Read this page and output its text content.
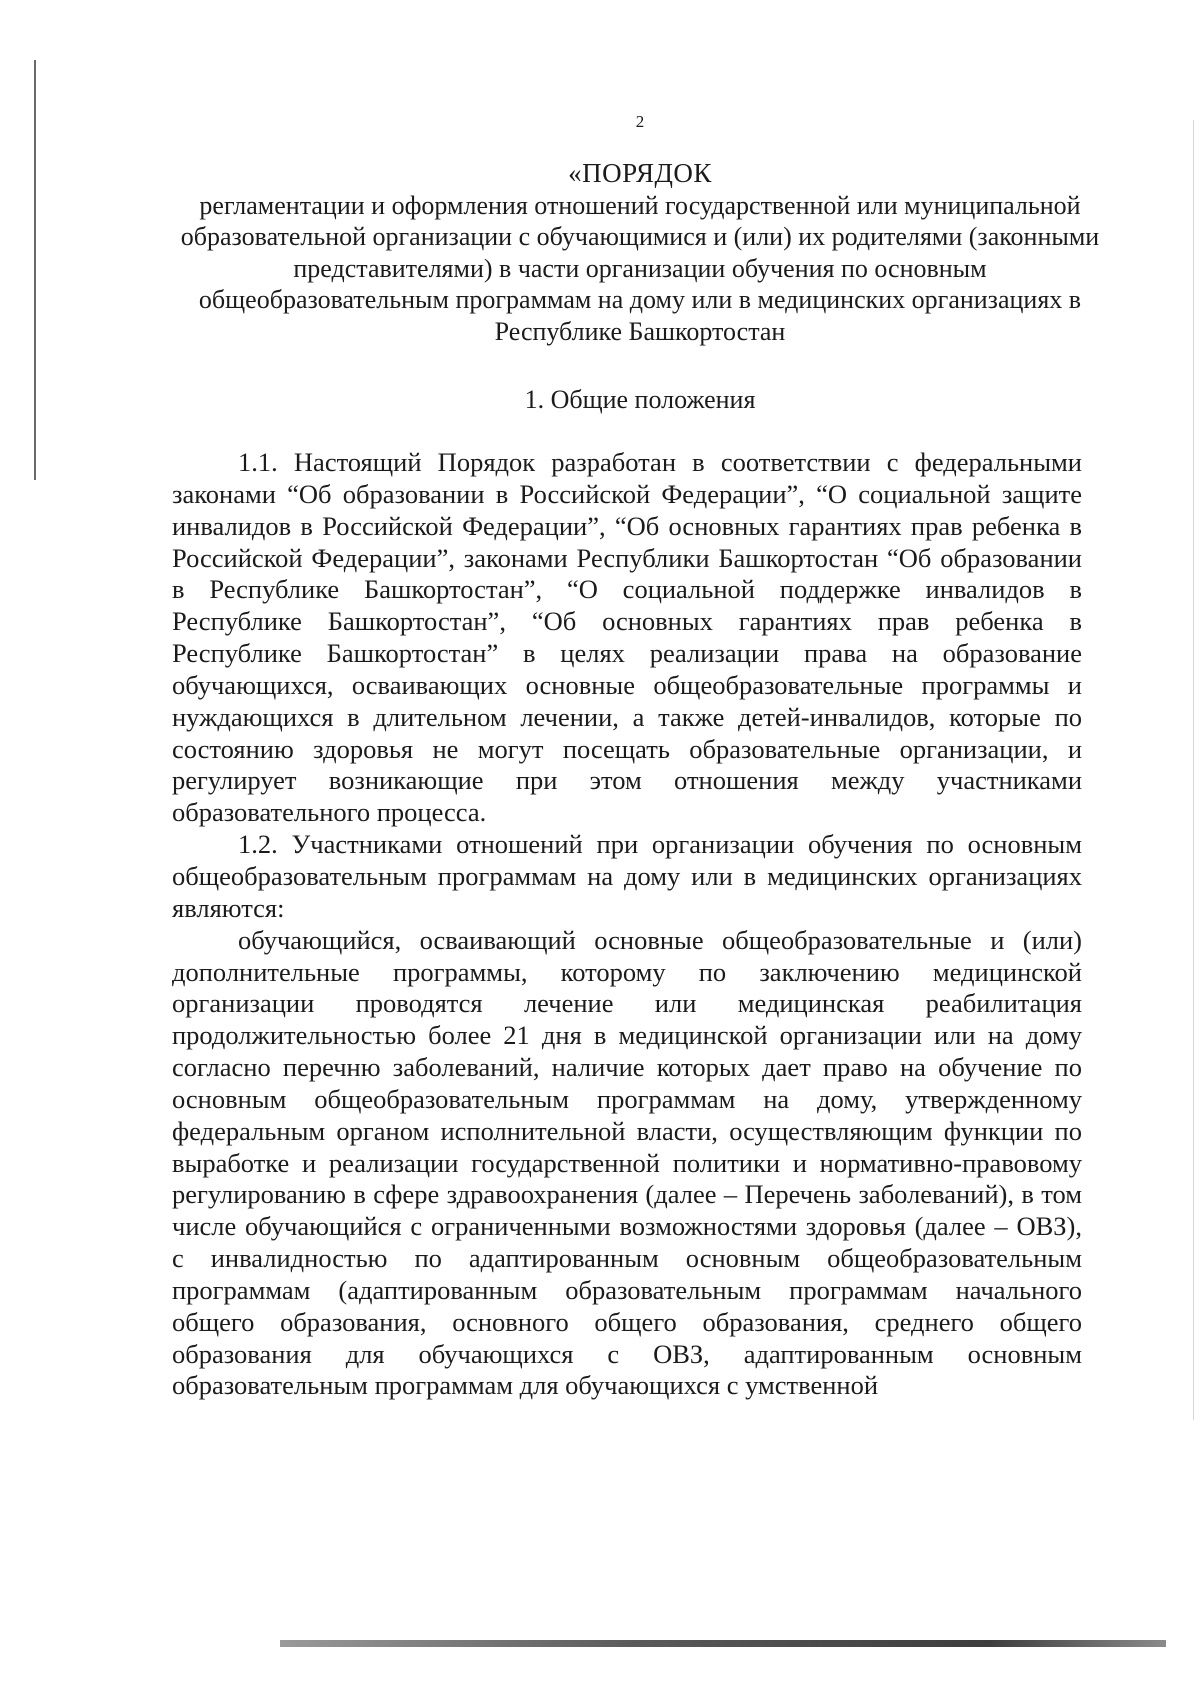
2
«ПОРЯДОК
регламентации и оформления отношений государственной или муниципальной образовательной организации с обучающимися и (или) их родителями (законными представителями) в части организации обучения по основным общеобразовательным программам на дому или в медицинских организациях в Республике Башкортостан
1. Общие положения

1.1. Настоящий Порядок разработан в соответствии с федеральными законами “Об образовании в Российской Федерации”, “О социальной защите инвалидов в Российской Федерации”, “Об основных гарантиях прав ребенка в Российской Федерации”, законами Республики Башкортостан “Об образовании в Республике Башкортостан”, “О социальной поддержке инвалидов в Республике Башкортостан”, “Об основных гарантиях прав ребенка в Республике Башкортостан” в целях реализации права на образование обучающихся, осваивающих основные общеобразовательные программы и нуждающихся в длительном лечении, а также детей-инвалидов, которые по состоянию здоровья не могут посещать образовательные организации, и регулирует возникающие при этом отношения между участниками образовательного процесса.

1.2. Участниками отношений при организации обучения по основным общеобразовательным программам на дому или в медицинских организациях являются:

обучающийся, осваивающий основные общеобразовательные и (или) дополнительные программы, которому по заключению медицинской организации проводятся лечение или медицинская реабилитация продолжительностью более 21 дня в медицинской организации или на дому согласно перечню заболеваний, наличие которых дает право на обучение по основным общеобразовательным программам на дому, утвержденному федеральным органом исполнительной власти, осуществляющим функции по выработке и реализации государственной политики и нормативно-правовому регулированию в сфере здравоохранения (далее – Перечень заболеваний), в том числе обучающийся с ограниченными возможностями здоровья (далее – ОВЗ), с инвалидностью по адаптированным основным общеобразовательным программам (адаптированным образовательным программам начального общего образования, основного общего образования, среднего общего образования для обучающихся с ОВЗ, адаптированным основным образовательным программам для обучающихся с умственной
